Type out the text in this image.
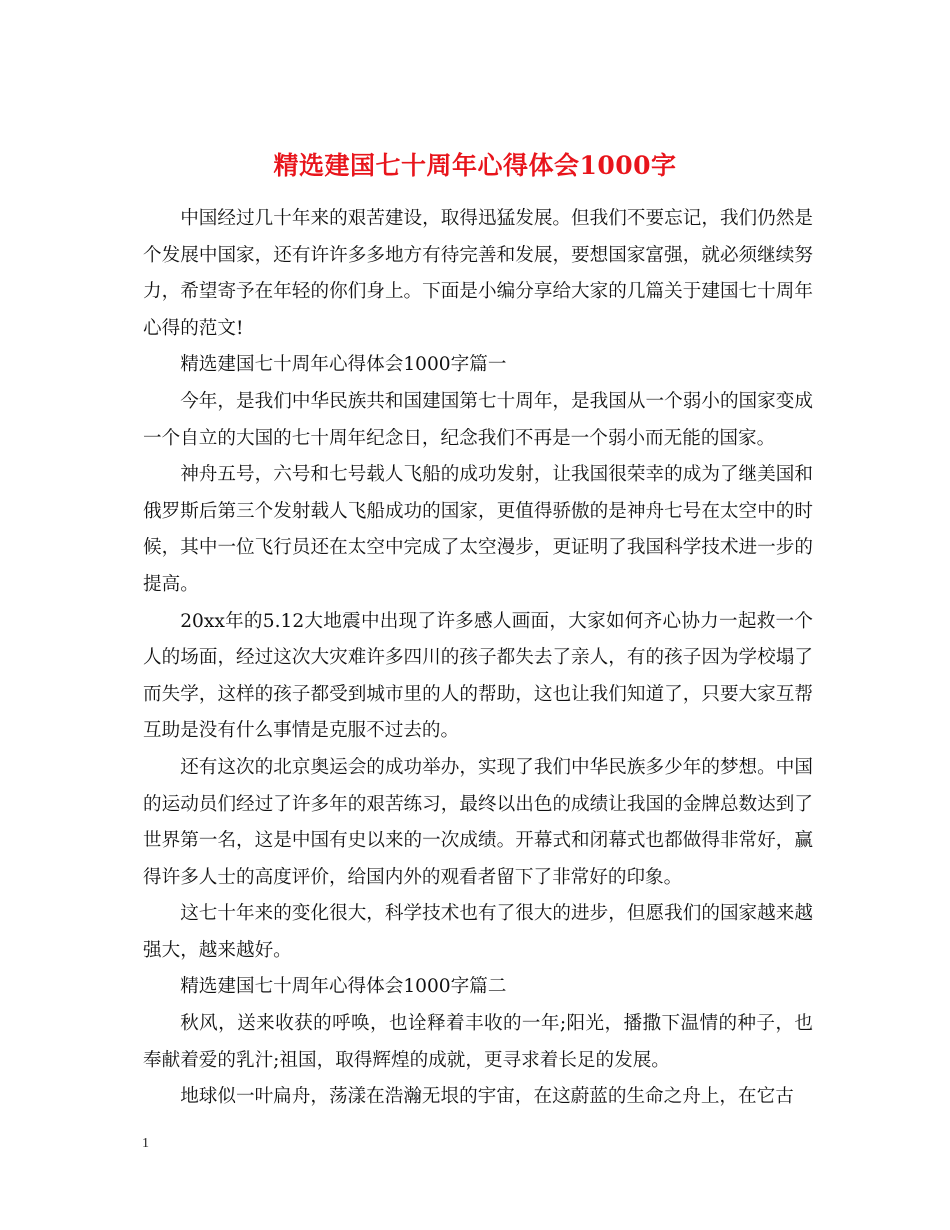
精选建国七十周年心得体会1000字

中国经过几十年来的艰苦建设，取得迅猛发展。但我们不要忘记，我们仍然是个发展中国家，还有许许多多地方有待完善和发展，要想国家富强，就必须继续努力，希望寄予在年轻的你们身上。下面是小编分享给大家的几篇关于建国七十周年心得的范文!

精选建国七十周年心得体会1000字篇一

今年，是我们中华民族共和国建国第七十周年，是我国从一个弱小的国家变成一个自立的大国的七十周年纪念日，纪念我们不再是一个弱小而无能的国家。

神舟五号，六号和七号载人飞船的成功发射，让我国很荣幸的成为了继美国和俄罗斯后第三个发射载人飞船成功的国家，更值得骄傲的是神舟七号在太空中的时候，其中一位飞行员还在太空中完成了太空漫步，更证明了我国科学技术进一步的提高。

20xx年的5.12大地震中出现了许多感人画面，大家如何齐心协力一起救一个人的场面，经过这次大灾难许多四川的孩子都失去了亲人，有的孩子因为学校塌了而失学，这样的孩子都受到城市里的人的帮助，这也让我们知道了，只要大家互帮互助是没有什么事情是克服不过去的。

还有这次的北京奥运会的成功举办，实现了我们中华民族多少年的梦想。中国的运动员们经过了许多年的艰苦练习，最终以出色的成绩让我国的金牌总数达到了世界第一名，这是中国有史以来的一次成绩。开幕式和闭幕式也都做得非常好，赢得许多人士的高度评价，给国内外的观看者留下了非常好的印象。

这七十年来的变化很大，科学技术也有了很大的进步，但愿我们的国家越来越强大，越来越好。

精选建国七十周年心得体会1000字篇二

秋风，送来收获的呼唤，也诠释着丰收的一年;阳光，播撒下温情的种子，也奉献着爱的乳汁;祖国，取得辉煌的成就，更寻求着长足的发展。

地球似一叶扁舟，荡漾在浩瀚无垠的宇宙，在这蔚蓝的生命之舟上，在它古

1
